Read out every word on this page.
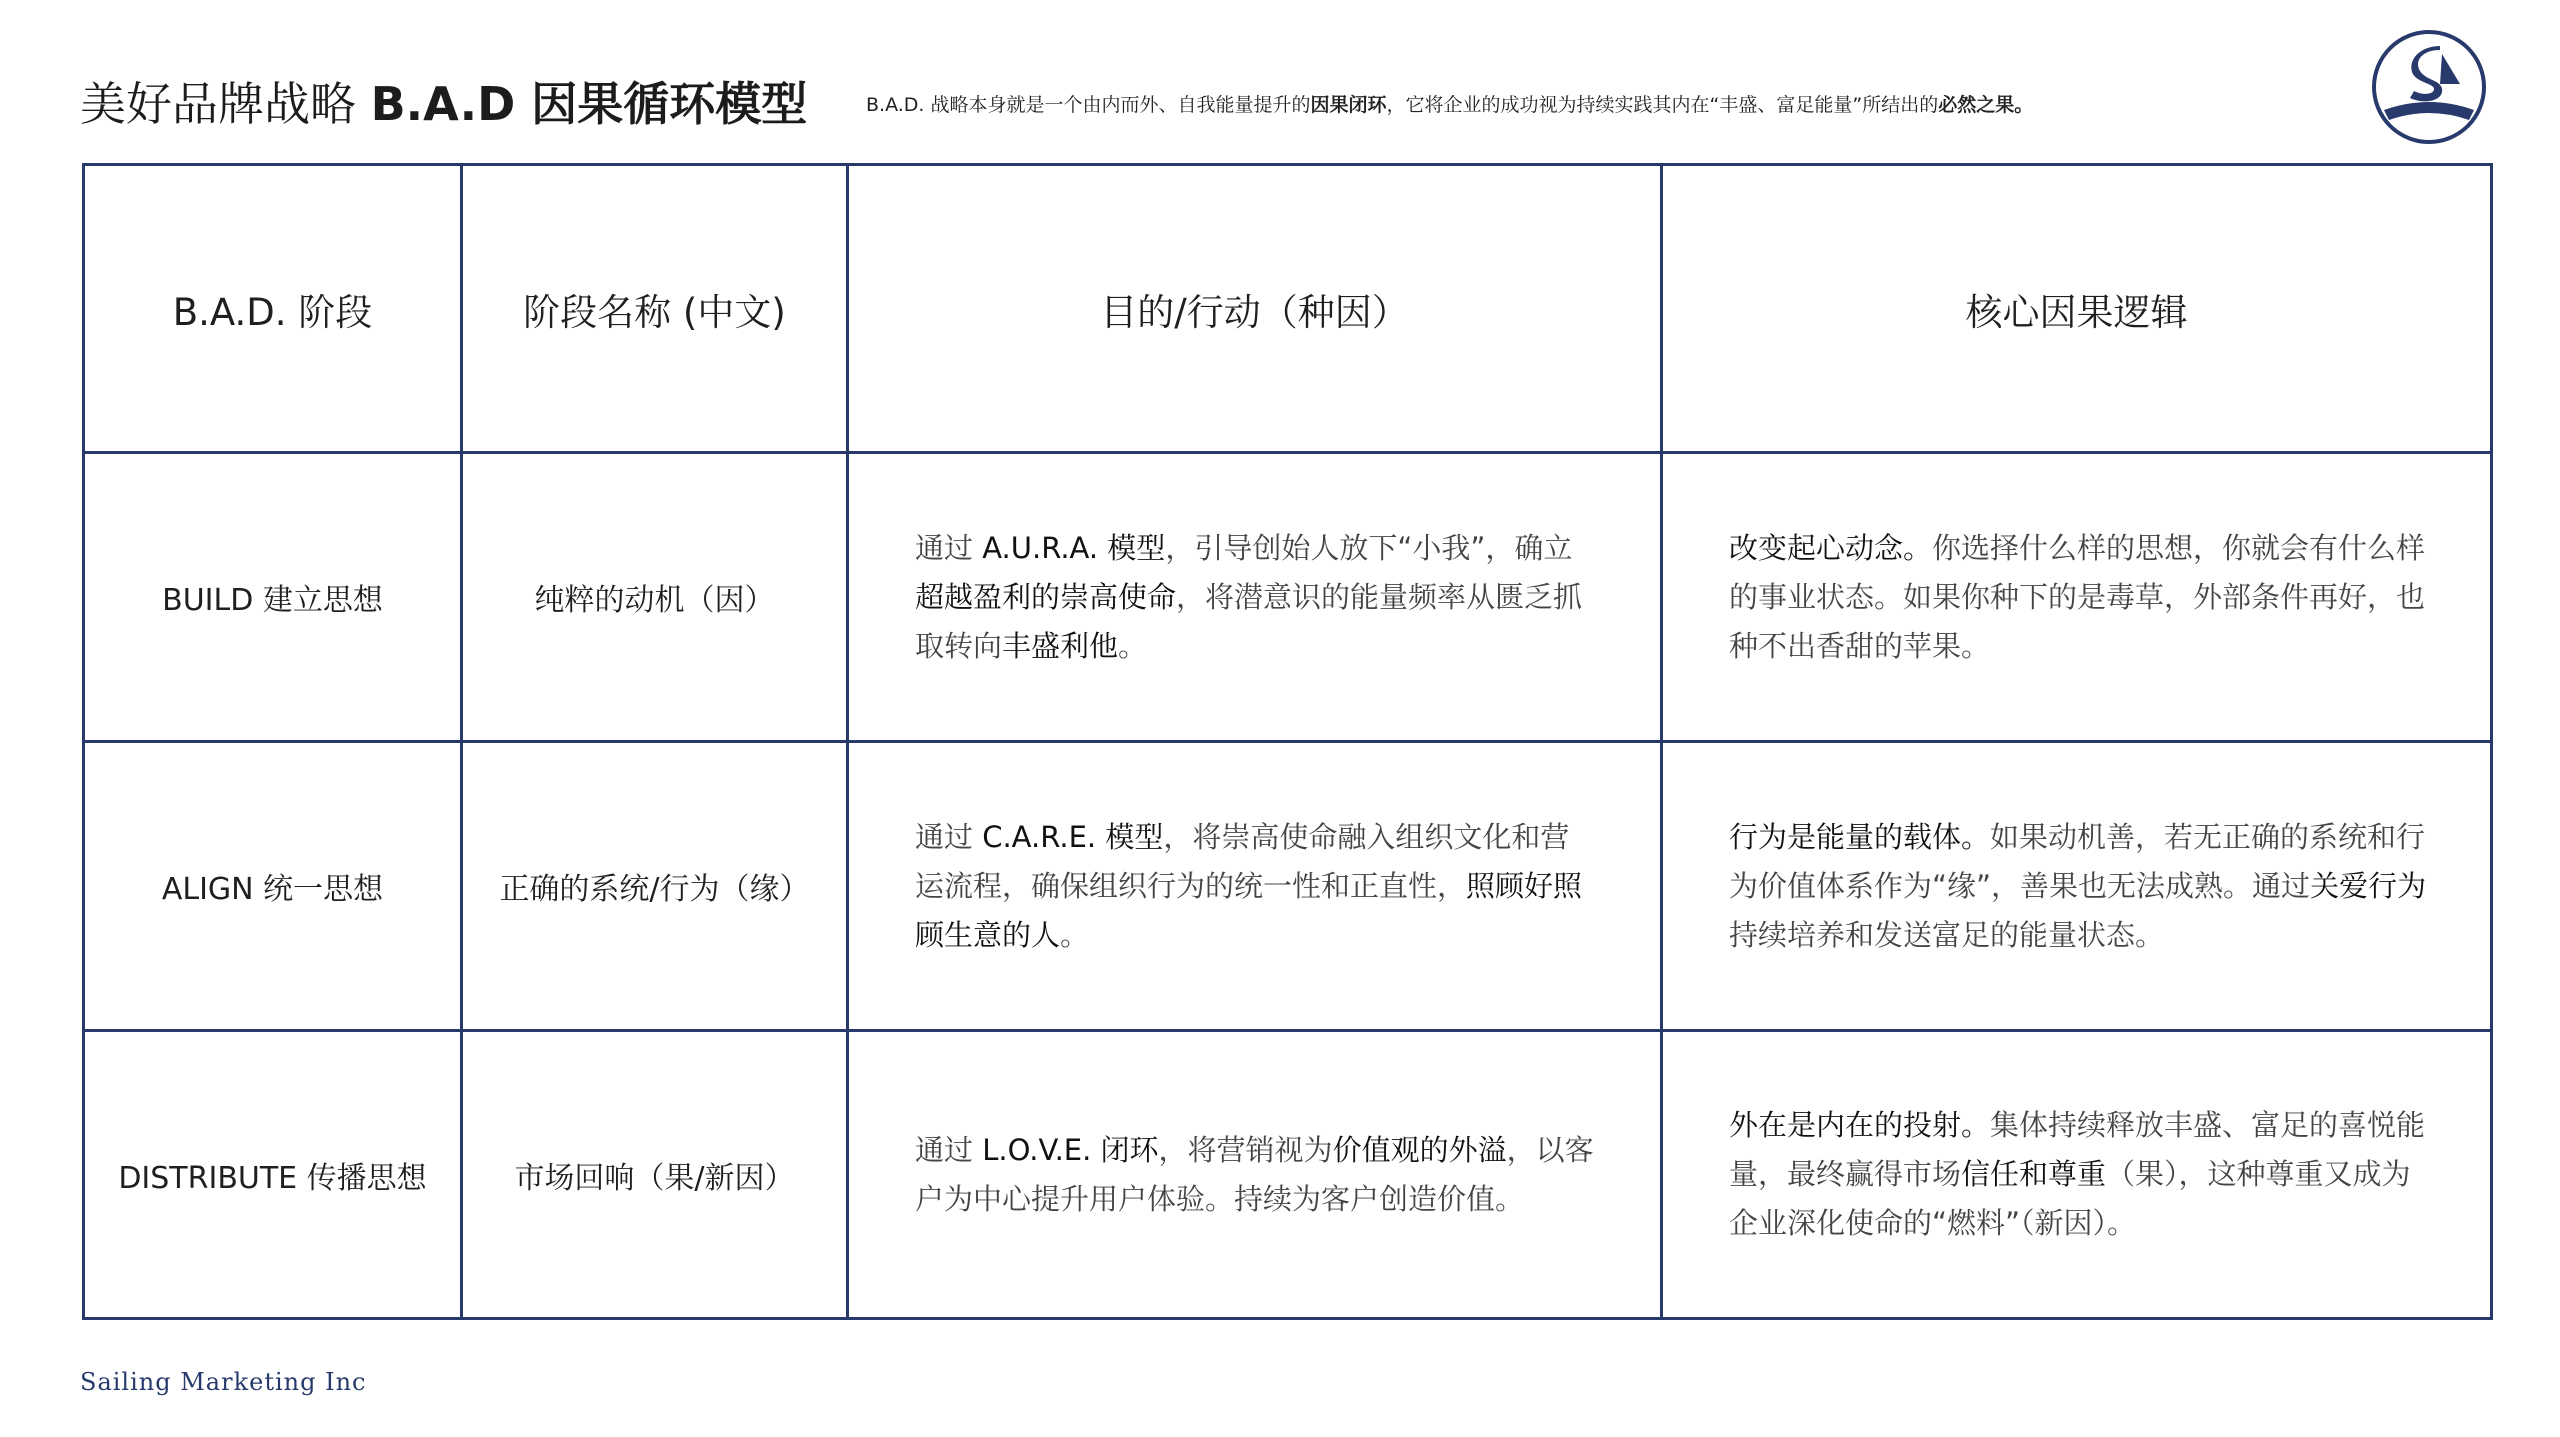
美好品牌战略 B.A.D 因果循环模型	B.A.D. 战略本身就是一个由内而外、自我能量提升的因果闭环，它将企业的成功视为持续实践其内在“丰盛、富足能量”所结出的必然之果。
B.A.D. 阶段	阶段名称 (中文)	目的/行动（种因）	核心因果逻辑
BUILD 建立思想	纯粹的动机（因）	通过 A.U.R.A. 模型，引导创始人放下“小我”，确立超越盈利的崇高使命，将潜意识的能量频率从匮乏抓取转向丰盛利他。	改变起心动念。你选择什么样的思想，你就会有什么样的事业状态。如果你种下的是毒草，外部条件再好，也种不出香甜的苹果。
ALIGN 统一思想	正确的系统/行为（缘）	通过 C.A.R.E. 模型，将崇高使命融入组织文化和营运流程，确保组织行为的统一性和正直性，照顾好照顾生意的人。	行为是能量的载体。如果动机善，若无正确的系统和行为价值体系作为“缘”，善果也无法成熟。通过关爱行为持续培养和发送富足的能量状态。
DISTRIBUTE 传播思想	市场回响（果/新因）	通过 L.O.V.E. 闭环，将营销视为价值观的外溢，以客户为中心提升用户体验。持续为客户创造价值。	外在是内在的投射。集体持续释放丰盛、富足的喜悦能量，最终赢得市场信任和尊重（果），这种尊重又成为企业深化使命的“燃料”（新因）。
Sailing Marketing Inc
